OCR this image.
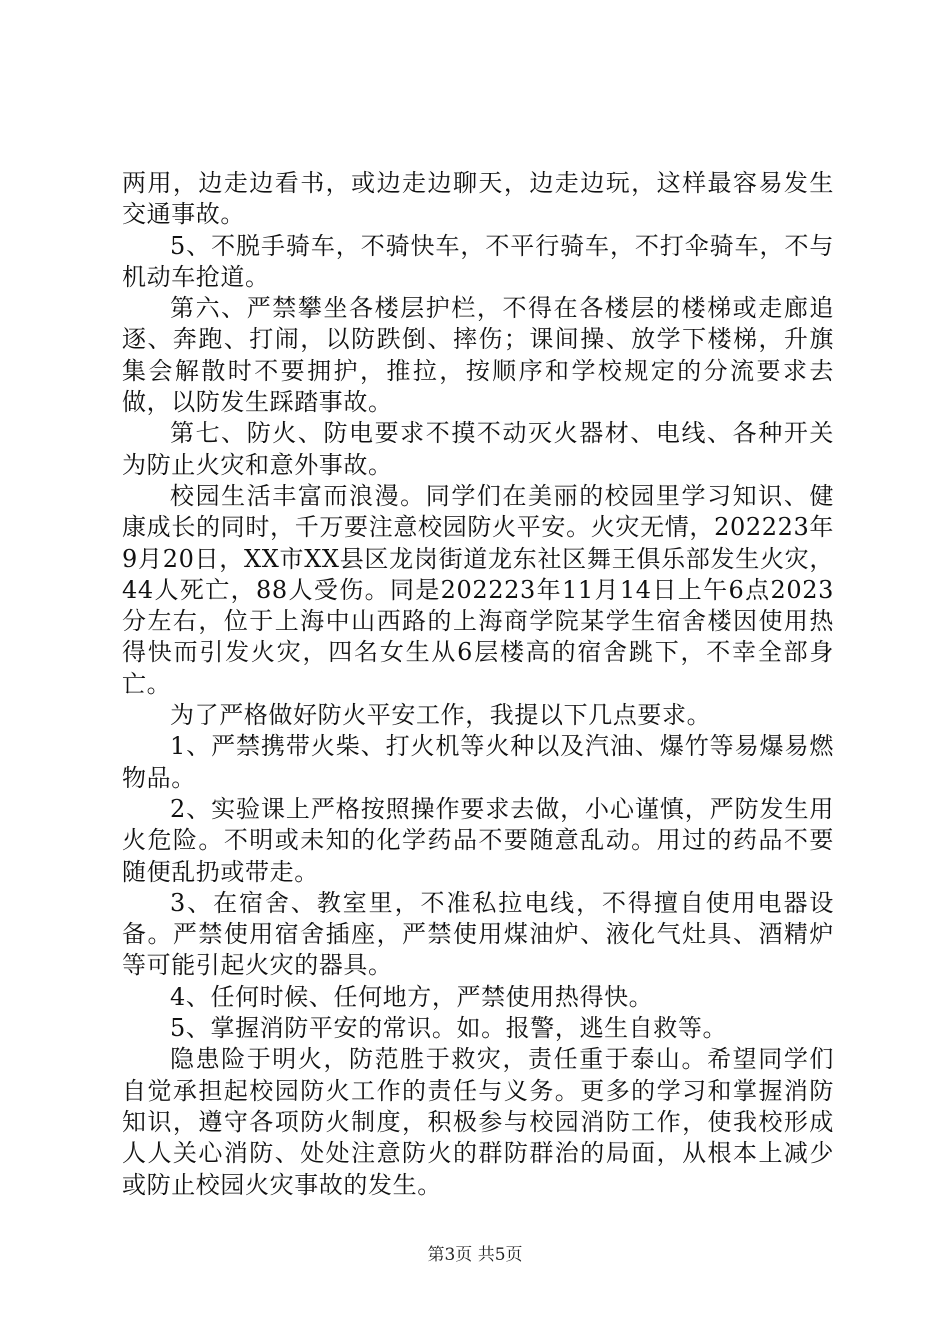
两用，边走边看书，或边走边聊天，边走边玩，这样最容易发生交通事故。

5、不脱手骑车，不骑快车，不平行骑车，不打伞骑车，不与机动车抢道。

第六、严禁攀坐各楼层护栏，不得在各楼层的楼梯或走廊追逐、奔跑、打闹，以防跌倒、摔伤；课间操、放学下楼梯，升旗集会解散时不要拥护，推拉，按顺序和学校规定的分流要求去做，以防发生踩踏事故。

第七、防火、防电要求不摸不动灭火器材、电线、各种开关为防止火灾和意外事故。

校园生活丰富而浪漫。同学们在美丽的校园里学习知识、健康成长的同时，千万要注意校园防火平安。火灾无情，202223年9月20日，XX市XX县区龙岗街道龙东社区舞王俱乐部发生火灾，44人死亡，88人受伤。同是202223年11月14日上午6点2023分左右，位于上海中山西路的上海商学院某学生宿舍楼因使用热得快而引发火灾，四名女生从6层楼高的宿舍跳下，不幸全部身亡。

为了严格做好防火平安工作，我提以下几点要求。

1、严禁携带火柴、打火机等火种以及汽油、爆竹等易爆易燃物品。

2、实验课上严格按照操作要求去做，小心谨慎，严防发生用火危险。不明或未知的化学药品不要随意乱动。用过的药品不要随便乱扔或带走。

3、在宿舍、教室里，不准私拉电线，不得擅自使用电器设备。严禁使用宿舍插座，严禁使用煤油炉、液化气灶具、酒精炉等可能引起火灾的器具。

4、任何时候、任何地方，严禁使用热得快。

5、掌握消防平安的常识。如。报警，逃生自救等。

隐患险于明火，防范胜于救灾，责任重于泰山。希望同学们自觉承担起校园防火工作的责任与义务。更多的学习和掌握消防知识，遵守各项防火制度，积极参与校园消防工作，使我校形成人人关心消防、处处注意防火的群防群治的局面，从根本上减少或防止校园火灾事故的发生。

第3页 共5页
